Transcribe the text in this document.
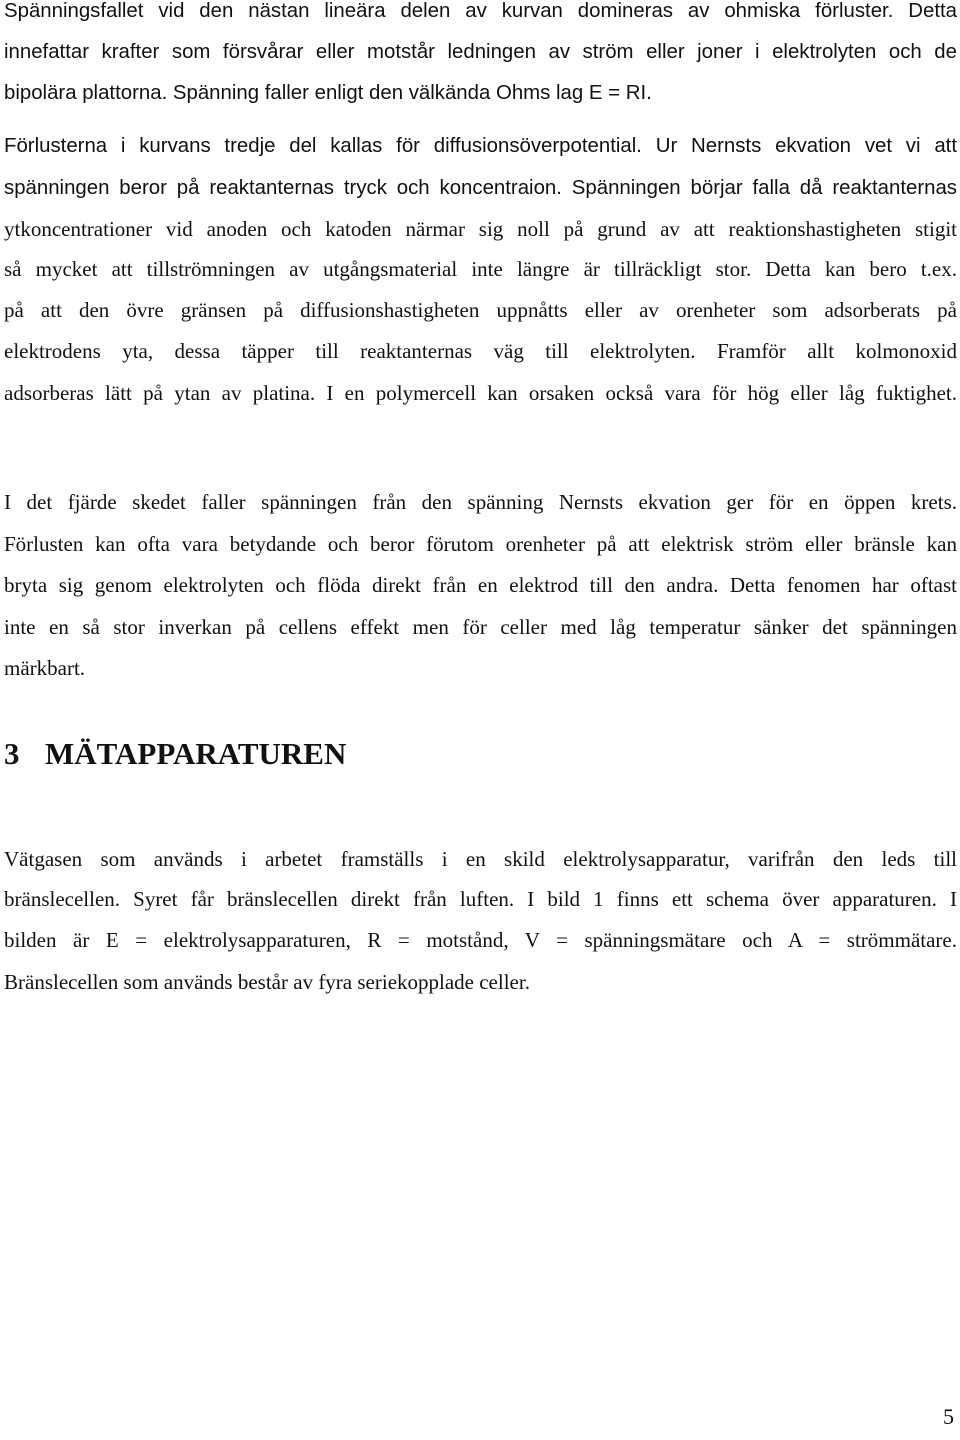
Spänningsfallet vid den nästan lineära delen av kurvan domineras av ohmiska förluster. Detta
innefattar krafter som försvårar eller motstår ledningen av ström eller joner i elektrolyten och de
bipolära plattorna. Spänning faller enligt den välkända Ohms lag E = RI.
Förlusterna i kurvans tredje del kallas för diffusionsöverpotential. Ur Nernsts ekvation vet vi att
spänningen beror på reaktanternas tryck och koncentraion. Spänningen börjar falla då reaktanternas
ytkoncentrationer vid anoden och katoden närmar sig noll på grund av att reaktionshastigheten stigit
så mycket att tillströmningen av utgångsmaterial inte längre är tillräckligt stor. Detta kan bero t.ex.
på att den övre gränsen på diffusionshastigheten uppnåtts eller av orenheter som adsorberats på
elektrodens yta, dessa täpper till reaktanternas väg till elektrolyten. Framför allt kolmonoxid
adsorberas lätt på ytan av platina. I en polymercell kan orsaken också vara för hög eller låg fuktighet.
I det fjärde skedet faller spänningen från den spänning Nernsts ekvation ger för en öppen krets.
Förlusten kan ofta vara betydande och beror förutom orenheter på att elektrisk ström eller bränsle kan
bryta sig genom elektrolyten och flöda direkt från en elektrod till den andra. Detta fenomen har oftast
inte en så stor inverkan på cellens effekt men för celler med låg temperatur sänker det spänningen
märkbart.
3 MÄTAPPARATUREN
Vätgasen som används i arbetet framställs i en skild elektrolysapparatur, varifrån den leds till
bränslecellen. Syret får bränslecellen direkt från luften. I bild 1 finns ett schema över apparaturen. I
bilden är E = elektrolysapparaturen, R = motstånd, V = spänningsmätare och A = strömmätare.
Bränslecellen som används består av fyra seriekopplade celler.
5
